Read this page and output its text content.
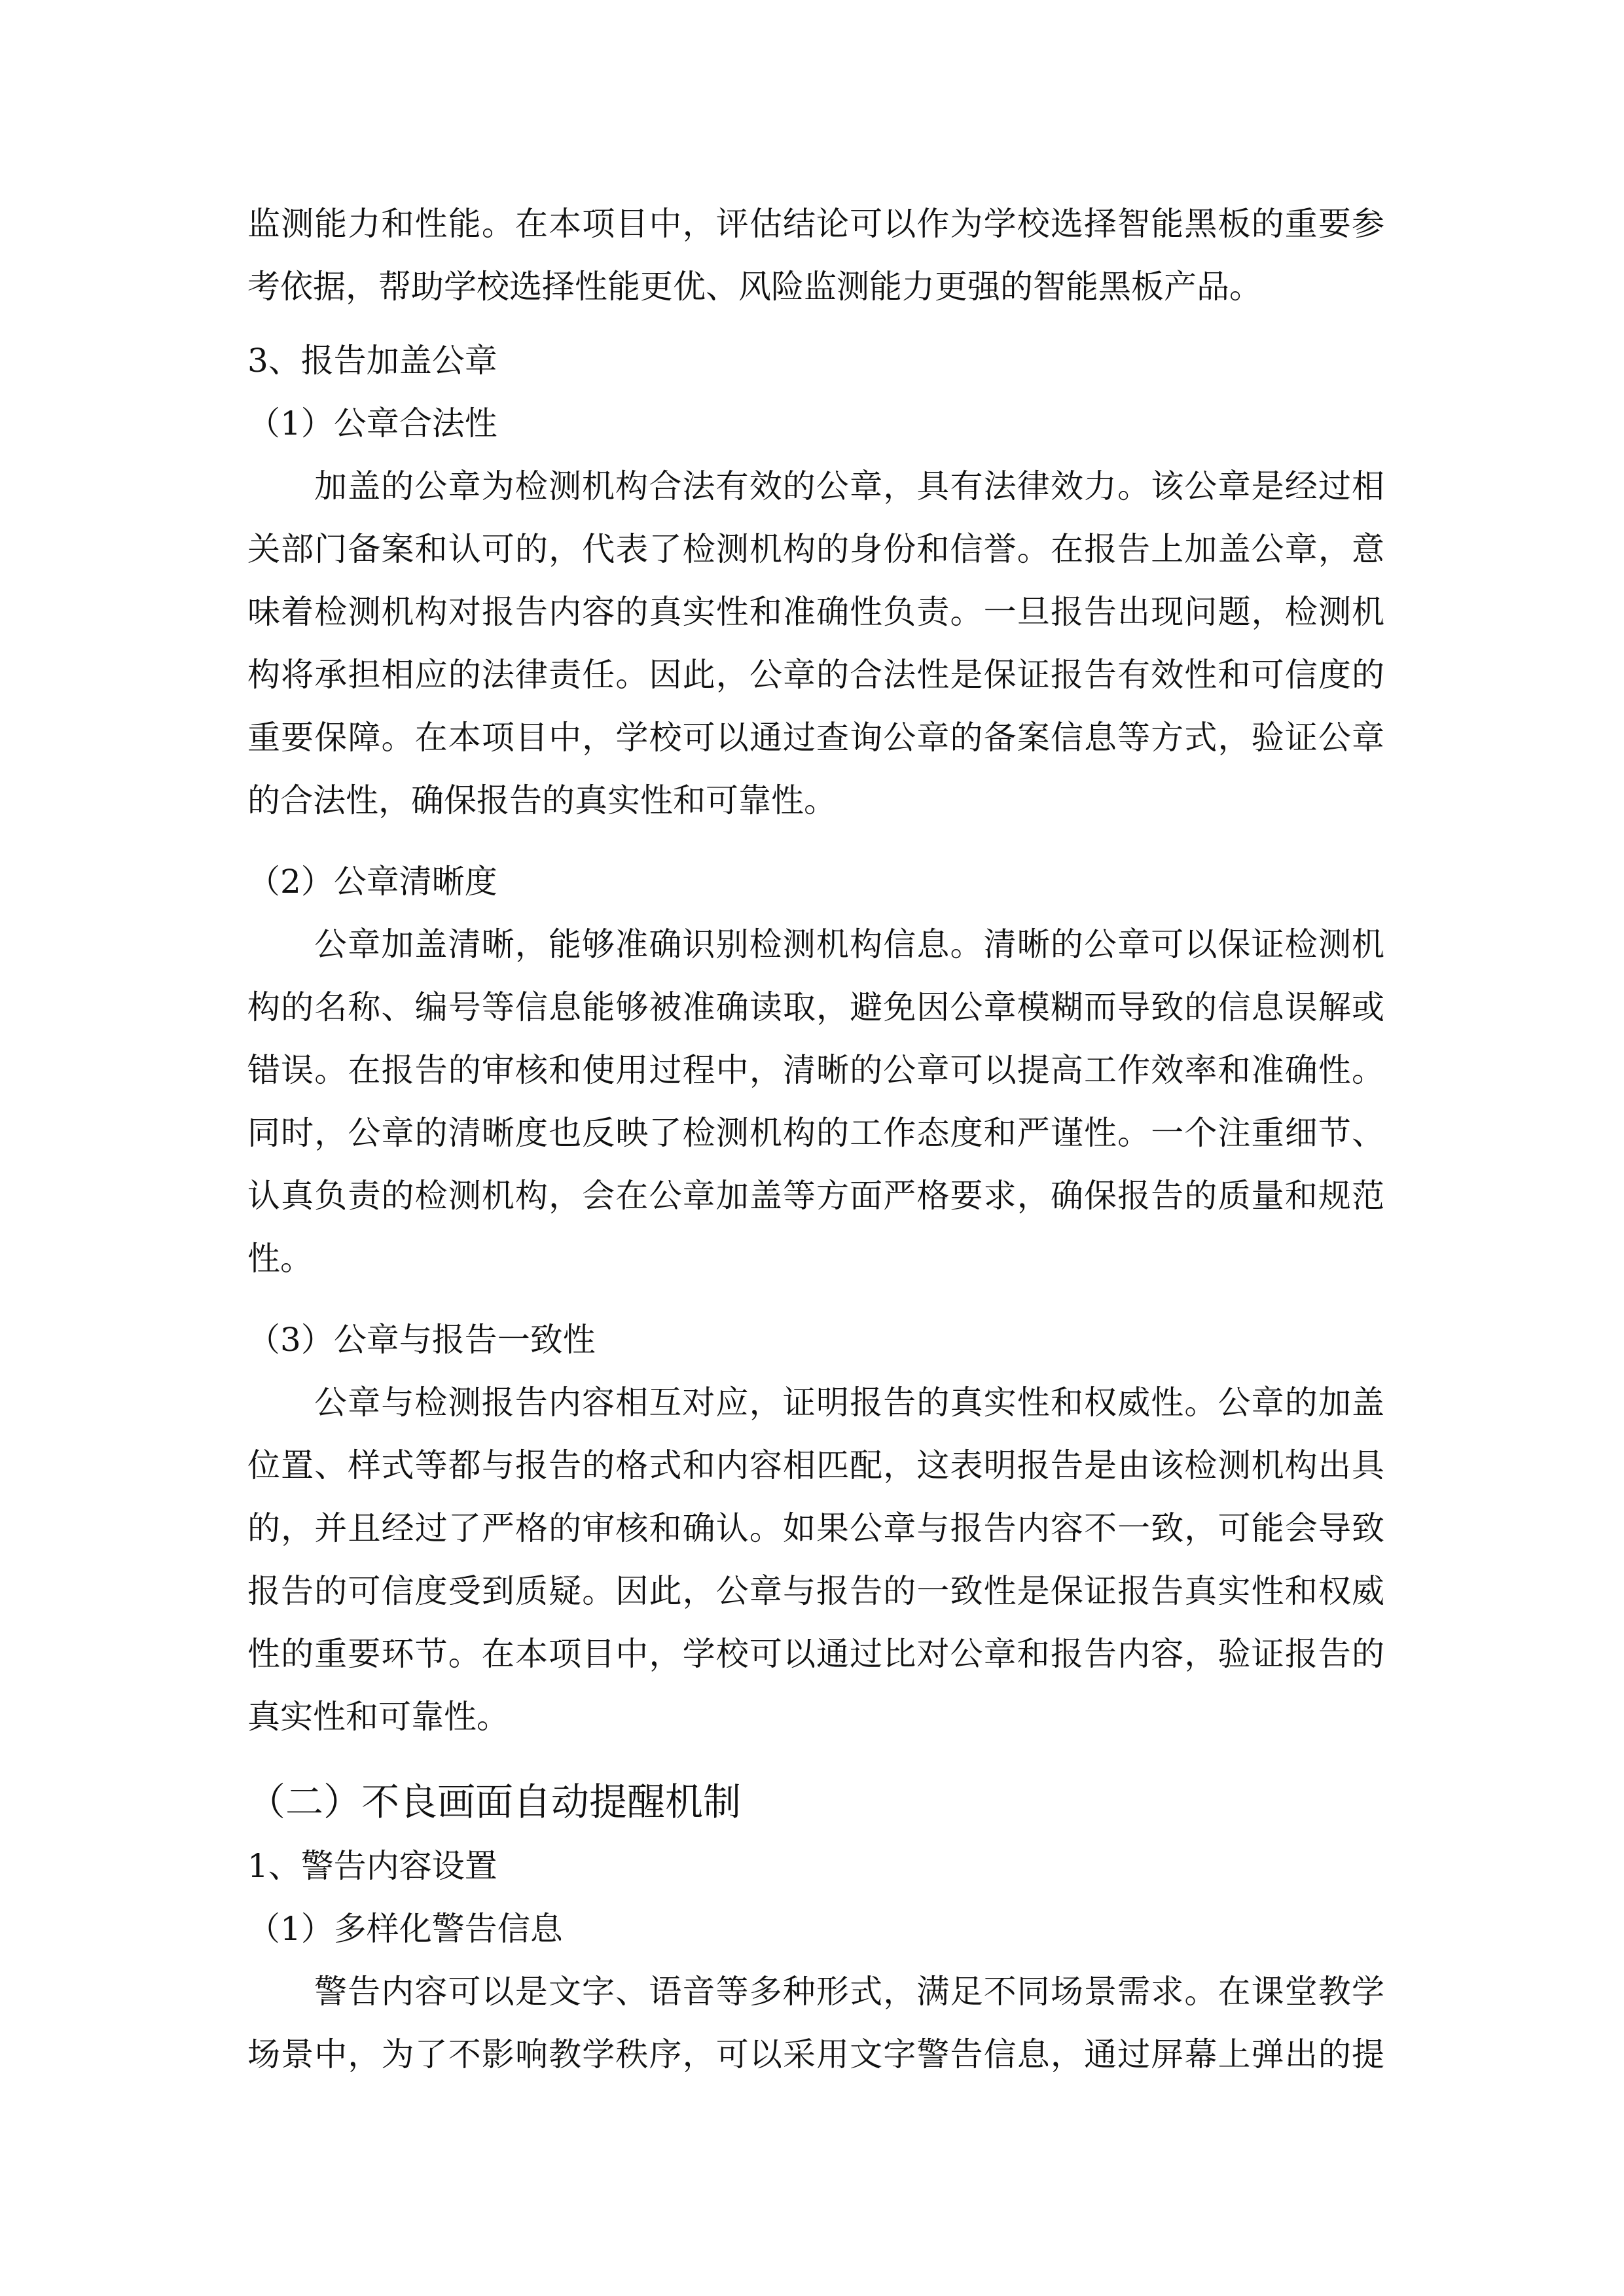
监测能力和性能。在本项目中，评估结论可以作为学校选择智能黑板的重要参
考依据，帮助学校选择性能更优、风险监测能力更强的智能黑板产品。
3、报告加盖公章
（1）公章合法性
加盖的公章为检测机构合法有效的公章，具有法律效力。该公章是经过相
关部门备案和认可的，代表了检测机构的身份和信誉。在报告上加盖公章，意
味着检测机构对报告内容的真实性和准确性负责。一旦报告出现问题，检测机
构将承担相应的法律责任。因此，公章的合法性是保证报告有效性和可信度的
重要保障。在本项目中，学校可以通过查询公章的备案信息等方式，验证公章
的合法性，确保报告的真实性和可靠性。
（2）公章清晰度
公章加盖清晰，能够准确识别检测机构信息。清晰的公章可以保证检测机
构的名称、编号等信息能够被准确读取，避免因公章模糊而导致的信息误解或
错误。在报告的审核和使用过程中，清晰的公章可以提高工作效率和准确性。
同时，公章的清晰度也反映了检测机构的工作态度和严谨性。一个注重细节、
认真负责的检测机构，会在公章加盖等方面严格要求，确保报告的质量和规范
性。
（3）公章与报告一致性
公章与检测报告内容相互对应，证明报告的真实性和权威性。公章的加盖
位置、样式等都与报告的格式和内容相匹配，这表明报告是由该检测机构出具
的，并且经过了严格的审核和确认。如果公章与报告内容不一致，可能会导致
报告的可信度受到质疑。因此，公章与报告的一致性是保证报告真实性和权威
性的重要环节。在本项目中，学校可以通过比对公章和报告内容，验证报告的
真实性和可靠性。
（二）不良画面自动提醒机制
1、警告内容设置
（1）多样化警告信息
警告内容可以是文字、语音等多种形式，满足不同场景需求。在课堂教学
场景中，为了不影响教学秩序，可以采用文字警告信息，通过屏幕上弹出的提
